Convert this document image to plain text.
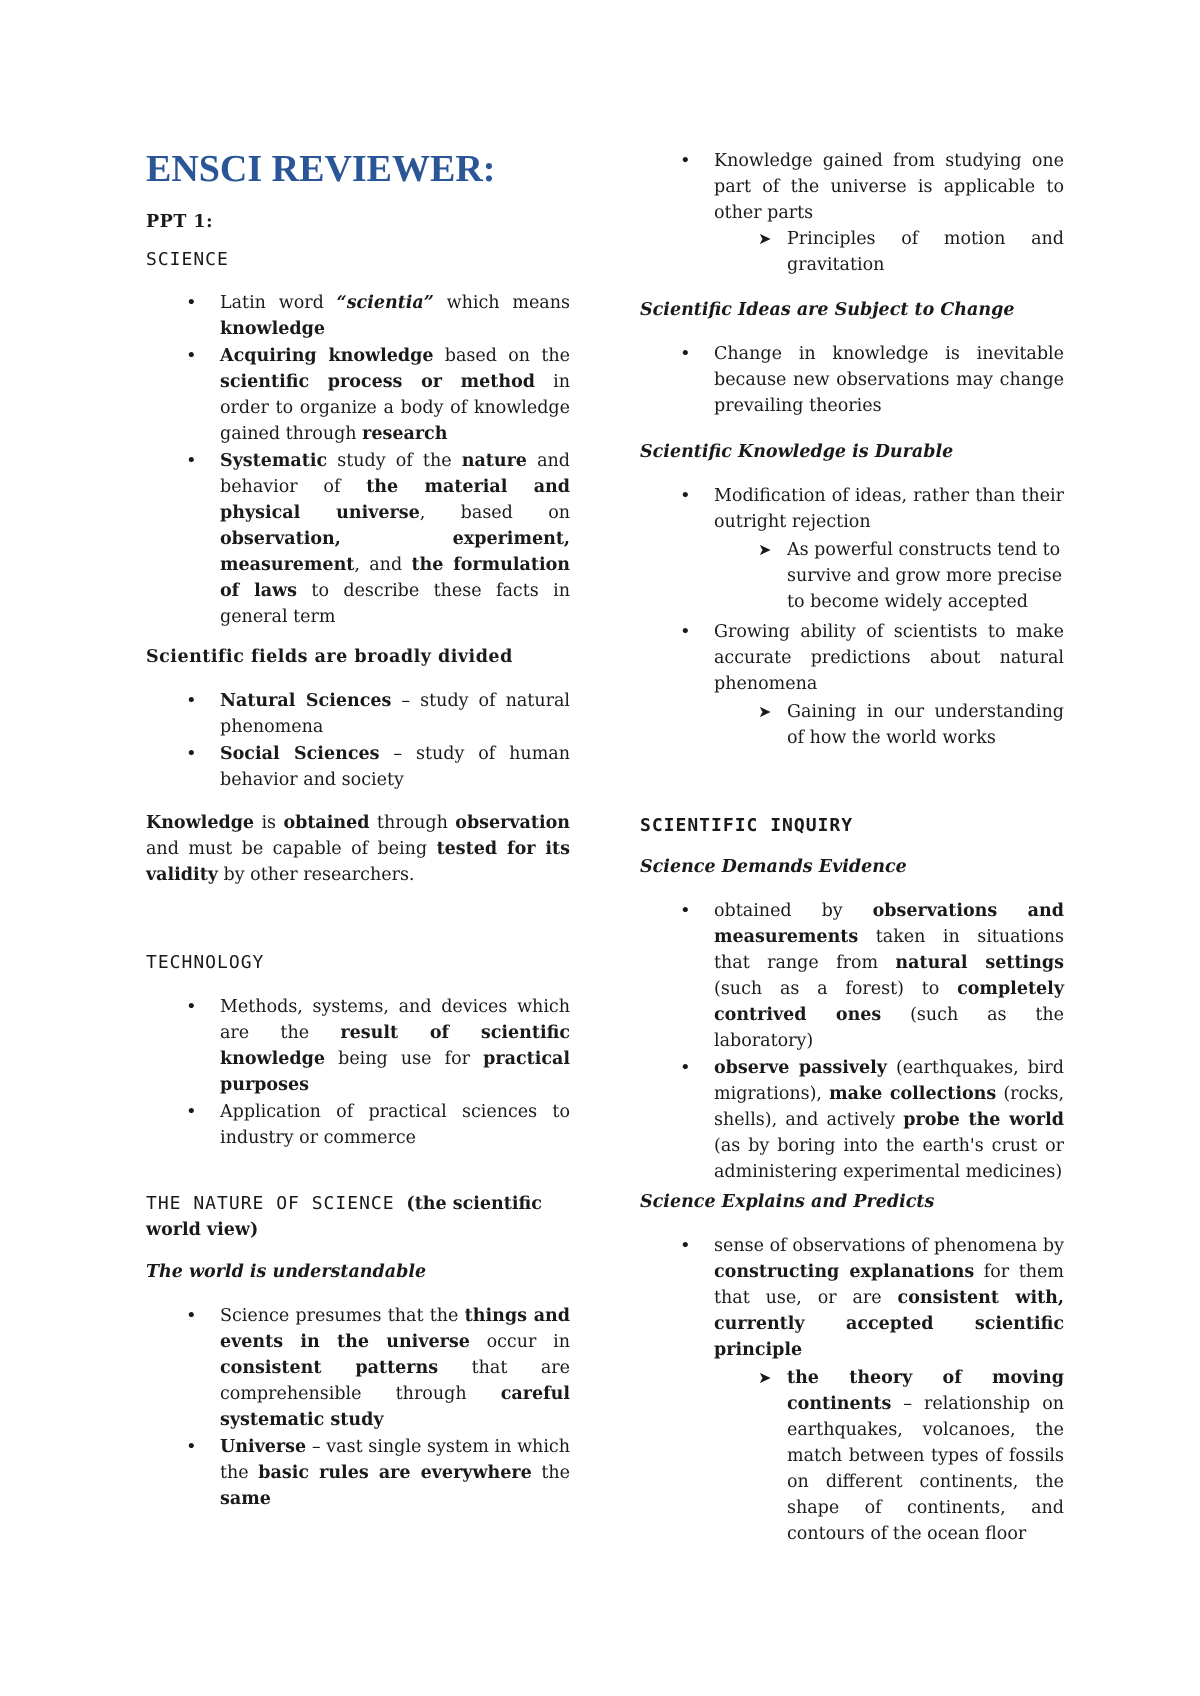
ENSCI REVIEWER:
PPT 1:
SCIENCE
• Latin word “scientia” which means knowledge
• Acquiring knowledge based on the scientific process or method in order to organize a body of knowledge gained through research
• Systematic study of the nature and behavior of the material and physical universe, based on observation, experiment, measurement, and the formulation of laws to describe these facts in general term
Scientific fields are broadly divided
• Natural Sciences – study of natural phenomena
• Social Sciences – study of human behavior and society

Knowledge is obtained through observation and must be capable of being tested for its validity by other researchers.

TECHNOLOGY
• Methods, systems, and devices which are the result of scientific knowledge being use for practical purposes
• Application of practical sciences to industry or commerce
THE NATURE OF SCIENCE (the scientific world view)
The world is understandable
• Science presumes that the things and events in the universe occur in consistent patterns that are comprehensible through careful systematic study
• Universe – vast single system in which the basic rules are everywhere the same
• Knowledge gained from studying one part of the universe is applicable to other parts
➤ Principles of motion and gravitation
Scientific Ideas are Subject to Change
• Change in knowledge is inevitable because new observations may change prevailing theories
Scientific Knowledge is Durable
• Modification of ideas, rather than their outright rejection
➤ As powerful constructs tend to survive and grow more precise to become widely accepted
• Growing ability of scientists to make accurate predictions about natural phenomena
➤ Gaining in our understanding of how the world works
SCIENTIFIC INQUIRY
Science Demands Evidence
• obtained by observations and measurements taken in situations that range from natural settings (such as a forest) to completely contrived ones (such as the laboratory)
• observe passively (earthquakes, bird migrations), make collections (rocks, shells), and actively probe the world (as by boring into the earth's crust or administering experimental medicines)
Science Explains and Predicts
• sense of observations of phenomena by constructing explanations for them that use, or are consistent with, currently accepted scientific principle
➤ the theory of moving continents – relationship on earthquakes, volcanoes, the match between types of fossils on different continents, the shape of continents, and contours of the ocean floor
